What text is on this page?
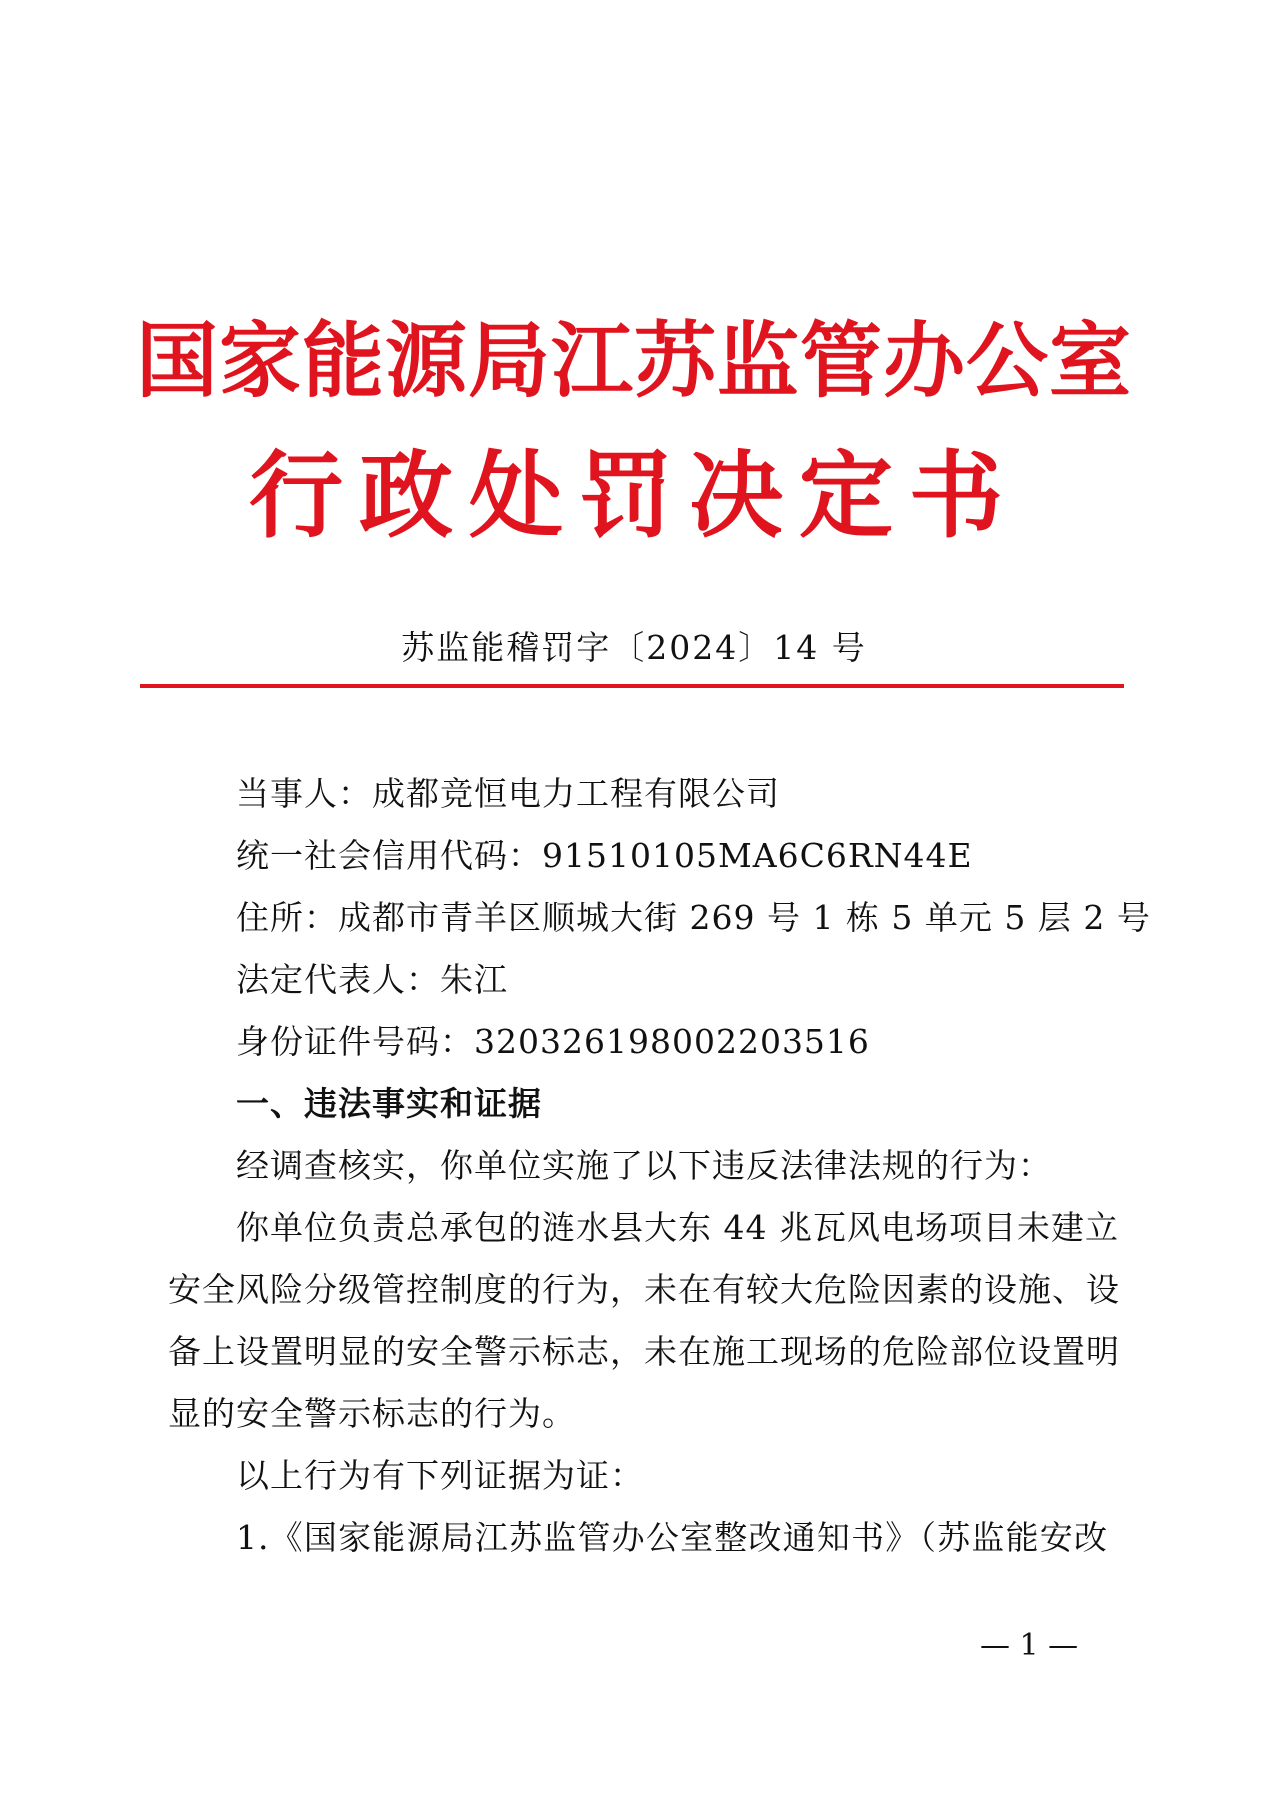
国家能源局江苏监管办公室
行政处罚决定书
苏监能稽罚字〔2024〕14 号
当事人：成都竞恒电力工程有限公司
统一社会信用代码：91510105MA6C6RN44E
住所：成都市青羊区顺城大街 269 号 1 栋 5 单元 5 层 2 号
法定代表人：朱江
身份证件号码：320326198002203516
一、违法事实和证据
经调查核实，你单位实施了以下违反法律法规的行为：
你单位负责总承包的涟水县大东 44 兆瓦风电场项目未建立
安全风险分级管控制度的行为，未在有较大危险因素的设施、设
备上设置明显的安全警示标志，未在施工现场的危险部位设置明
显的安全警示标志的行为。
以上行为有下列证据为证：
1.《国家能源局江苏监管办公室整改通知书》（苏监能安改
— 1 —
